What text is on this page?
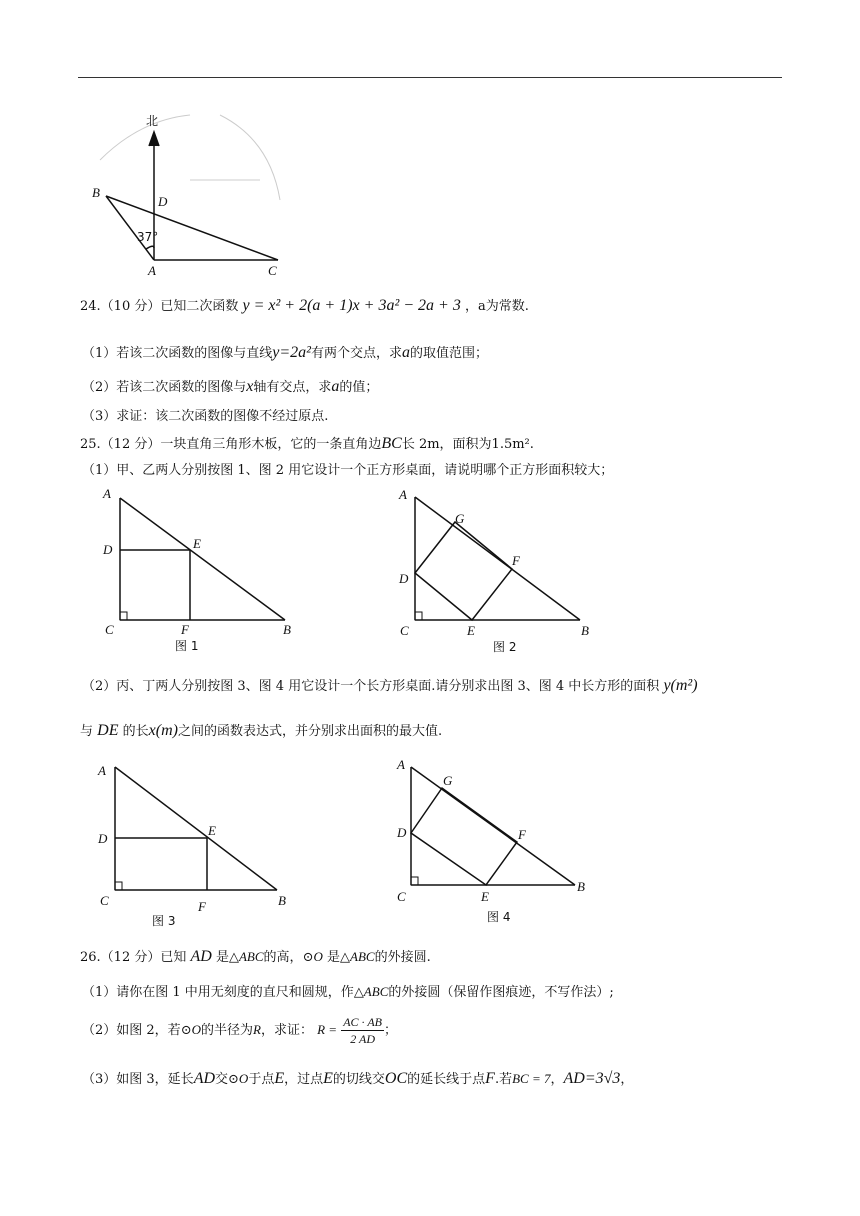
北
B
D
37°
A	C
24.（10 分）已知二次函数 y = x² + 2(a + 1)x + 3a² − 2a + 3 ，a为常数.
（1）若该二次函数的图像与直线y=2a²有两个交点，求a的取值范围；
（2）若该二次函数的图像与x轴有交点，求a的值；
（3）求证：该二次函数的图像不经过原点.
25.（12 分）一块直角三角形木板，它的一条直角边BC长 2m，面积为1.5m².
（1）甲、乙两人分别按图 1、图 2 用它设计一个正方形桌面，请说明哪个正方形面积较大；
A
D	E
C	F	B
图 1
A
G
F
D
C	E	B
图 2
（2）丙、丁两人分别按图 3、图 4 用它设计一个长方形桌面.请分别求出图 3、图 4 中长方形的面积 y(m²)
与 DE 的长x(m)之间的函数表达式，并分别求出面积的最大值.
A
D
E
C	F	B
图 3
A
G
D	F
C	E
B
图 4
26.（12 分）已知 AD 是△ABC的高，⊙O 是△ABC的外接圆.
（1）请你在图 1 中用无刻度的直尺和圆规，作△ABC的外接圆（保留作图痕迹，不写作法）;
（2）如图 2，若⊙O的半径为R，求证： $R = \frac{AC \cdot AB}{2 AD}$ ；
（3）如图 3，延长AD交⊙O于点E，过点E的切线交OC的延长线于点F.若BC = 7，AD=3√3，
